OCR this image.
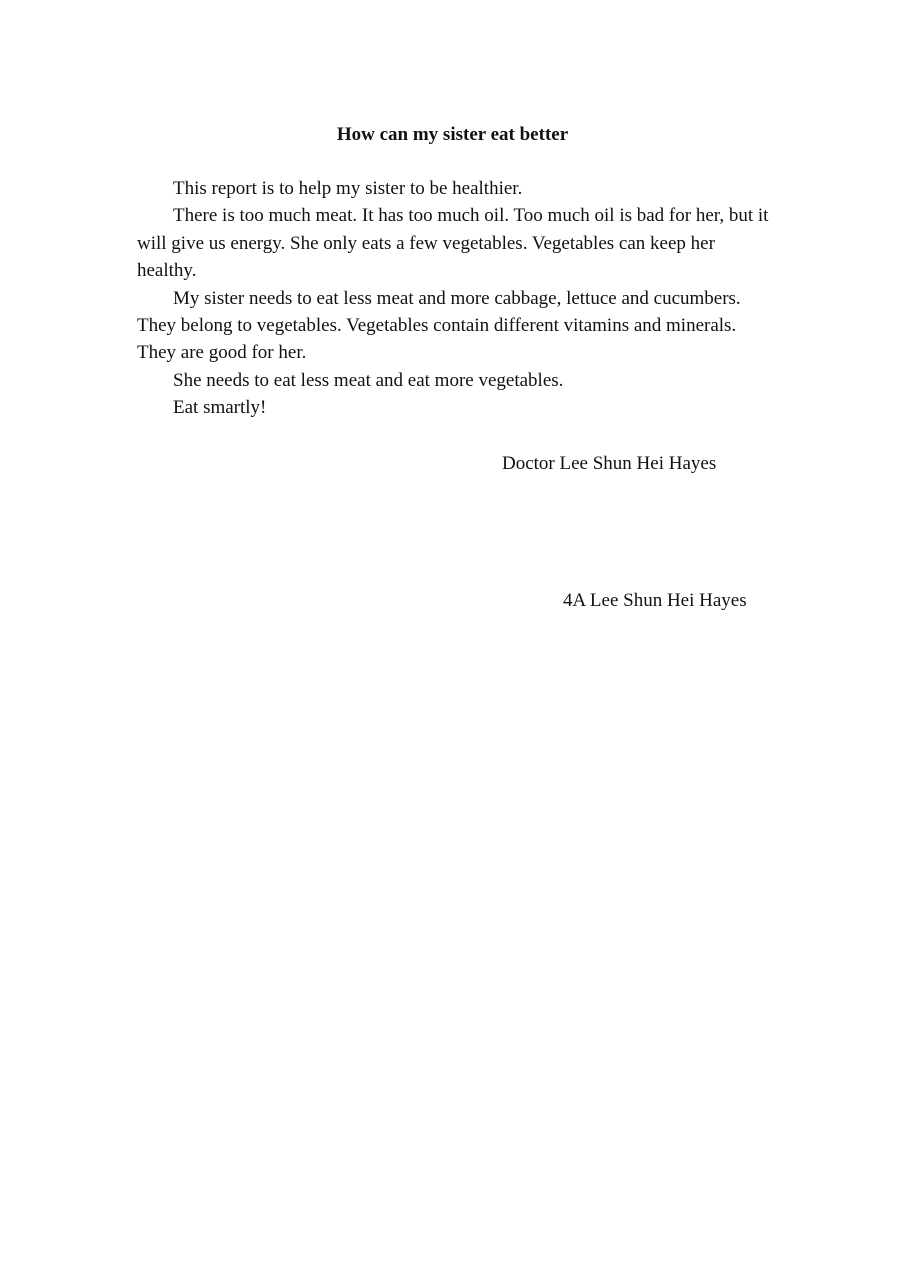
How can my sister eat better

This report is to help my sister to be healthier.

There is too much meat. It has too much oil. Too much oil is bad for her, but it will give us energy. She only eats a few vegetables. Vegetables can keep her healthy.

My sister needs to eat less meat and more cabbage, lettuce and cucumbers. They belong to vegetables. Vegetables contain different vitamins and minerals. They are good for her.

She needs to eat less meat and eat more vegetables.

Eat smartly!

Doctor Lee Shun Hei Hayes
4A Lee Shun Hei Hayes
